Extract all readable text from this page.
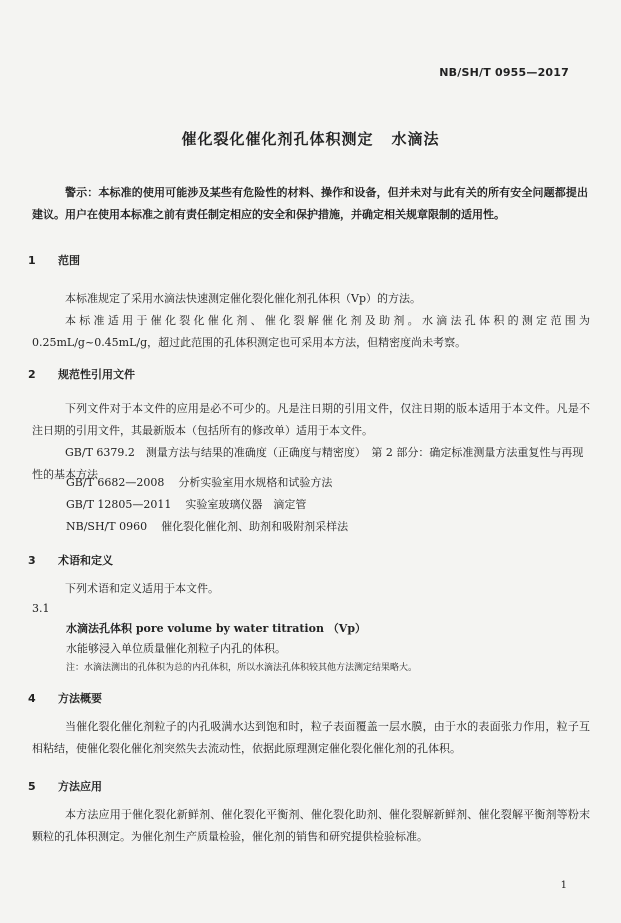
NB/SH/T 0955—2017
催化裂化催化剂孔体积测定 水滴法
警示：本标准的使用可能涉及某些有危险性的材料、操作和设备，但并未对与此有关的所有安全问题都提出建议。用户在使用本标准之前有责任制定相应的安全和保护措施，并确定相关规章限制的适用性。
1 范围
本标准规定了采用水滴法快速测定催化裂化催化剂孔体积（Vp）的方法。
本标准适用于催化裂化催化剂、催化裂解催化剂及助剂。水滴法孔体积的测定范围为 0.25mL/g~0.45mL/g，超过此范围的孔体积测定也可采用本方法，但精密度尚未考察。
2 规范性引用文件
下列文件对于本文件的应用是必不可少的。凡是注日期的引用文件，仅注日期的版本适用于本文件。凡是不注日期的引用文件，其最新版本（包括所有的修改单）适用于本文件。
GB/T 6379.2　测量方法与结果的准确度（正确度与精密度）　第 2 部分：确定标准测量方法重复性与再现性的基本方法
GB/T 6682—2008 分析实验室用水规格和试验方法
GB/T 12805—2011 实验室玻璃仪器　滴定管
NB/SH/T 0960 催化裂化催化剂、助剂和吸附剂采样法
3 术语和定义
下列术语和定义适用于本文件。
3.1
水滴法孔体积 pore volume by water titration （Vp）
水能够浸入单位质量催化剂粒子内孔的体积。
注：水滴法测出的孔体积为总的内孔体积，所以水滴法孔体积较其他方法测定结果略大。
4 方法概要
当催化裂化催化剂粒子的内孔吸满水达到饱和时，粒子表面覆盖一层水膜，由于水的表面张力作用，粒子互相粘结，使催化裂化催化剂突然失去流动性，依据此原理测定催化裂化催化剂的孔体积。
5 方法应用
本方法应用于催化裂化新鲜剂、催化裂化平衡剂、催化裂化助剂、催化裂解新鲜剂、催化裂解平衡剂等粉末颗粒的孔体积测定。为催化剂生产质量检验，催化剂的销售和研究提供检验标准。
1
